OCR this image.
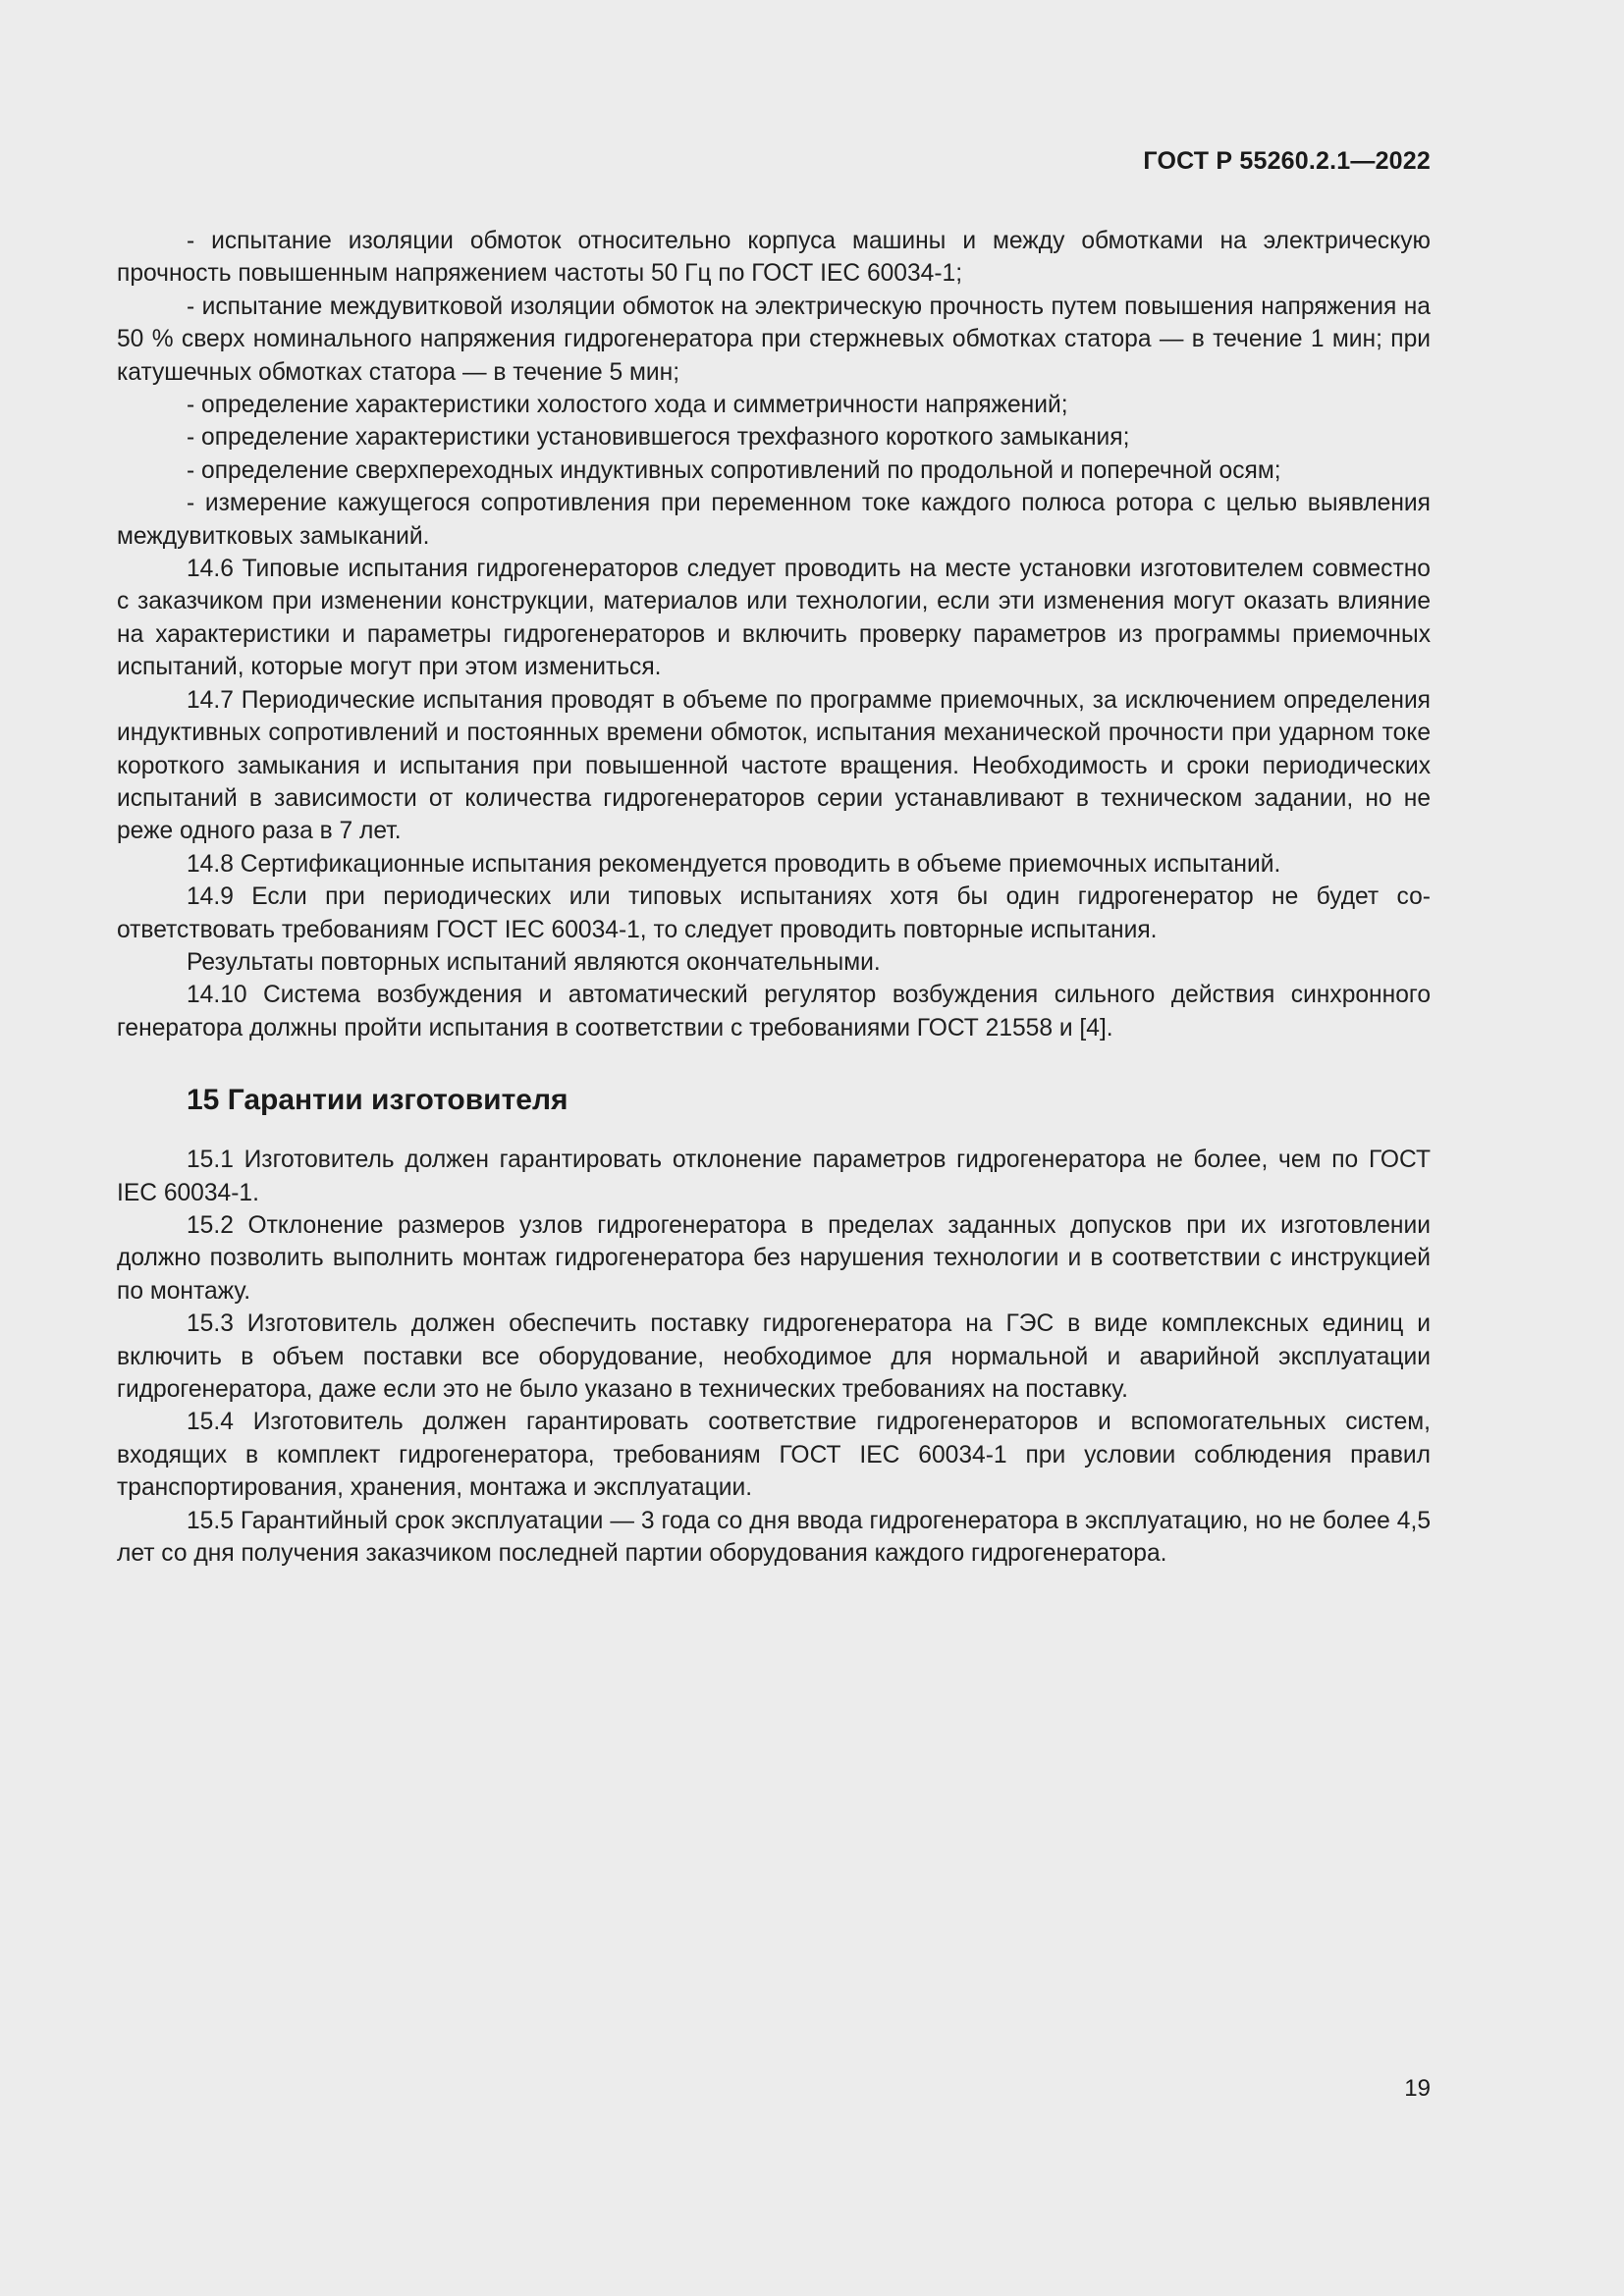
ГОСТ Р 55260.2.1—2022

- испытание изоляции обмоток относительно корпуса машины и между обмотками на электрическую прочность повышенным напряжением частоты 50 Гц по ГОСТ IEC 60034-1;

- испытание междувитковой изоляции обмоток на электрическую прочность путем повышения напряжения на 50 % сверх номинального напряжения гидрогенератора при стержневых обмотках статора — в течение 1 мин; при катушечных обмотках статора — в течение 5 мин;

- определение характеристики холостого хода и симметричности напряжений;

- определение характеристики установившегося трехфазного короткого замыкания;

- определение сверхпереходных индуктивных сопротивлений по продольной и поперечной осям;

- измерение кажущегося сопротивления при переменном токе каждого полюса ротора с целью выявления междувитковых замыканий.

14.6 Типовые испытания гидрогенераторов следует проводить на месте установки изготовителем совместно с заказчиком при изменении конструкции, материалов или технологии, если эти изменения могут оказать влияние на характеристики и параметры гидрогенераторов и включить проверку параметров из программы приемочных испытаний, которые могут при этом измениться.

14.7 Периодические испытания проводят в объеме по программе приемочных, за исключением определения индуктивных сопротивлений и постоянных времени обмоток, испытания механической прочности при ударном токе короткого замыкания и испытания при повышенной частоте вращения. Необходимость и сроки периодических испытаний в зависимости от количества гидрогенераторов серии устанавливают в техническом задании, но не реже одного раза в 7 лет.

14.8 Сертификационные испытания рекомендуется проводить в объеме приемочных испытаний.

14.9 Если при периодических или типовых испытаниях хотя бы один гидрогенератор не будет соответствовать требованиям ГОСТ IEC 60034-1, то следует проводить повторные испытания.

Результаты повторных испытаний являются окончательными.

14.10 Система возбуждения и автоматический регулятор возбуждения сильного действия синхронного генератора должны пройти испытания в соответствии с требованиями ГОСТ 21558 и [4].

15 Гарантии изготовителя

15.1 Изготовитель должен гарантировать отклонение параметров гидрогенератора не более, чем по ГОСТ IEC 60034-1.

15.2 Отклонение размеров узлов гидрогенератора в пределах заданных допусков при их изготовлении должно позволить выполнить монтаж гидрогенератора без нарушения технологии и в соответствии с инструкцией по монтажу.

15.3 Изготовитель должен обеспечить поставку гидрогенератора на ГЭС в виде комплексных единиц и включить в объем поставки все оборудование, необходимое для нормальной и аварийной эксплуатации гидрогенератора, даже если это не было указано в технических требованиях на поставку.

15.4 Изготовитель должен гарантировать соответствие гидрогенераторов и вспомогательных систем, входящих в комплект гидрогенератора, требованиям ГОСТ IEC 60034-1 при условии соблюдения правил транспортирования, хранения, монтажа и эксплуатации.

15.5 Гарантийный срок эксплуатации — 3 года со дня ввода гидрогенератора в эксплуатацию, но не более 4,5 лет со дня получения заказчиком последней партии оборудования каждого гидрогенератора.

19
